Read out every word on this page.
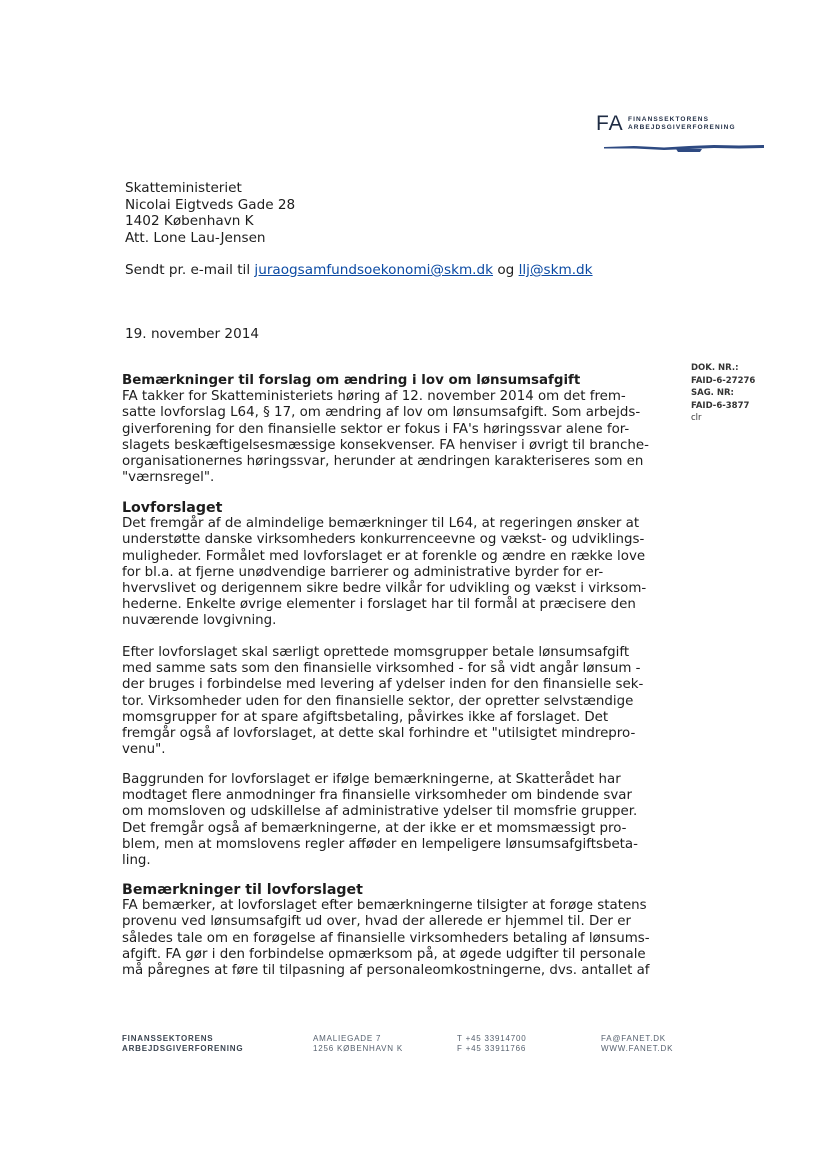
FA FINANSSEKTORENS
ARBEJDSGIVERFORENING
Skatteministeriet
Nicolai Eigtveds Gade 28
1402 København K
Att. Lone Lau-Jensen
Sendt pr. e-mail til juraogsamfundsoekonomi@skm.dk og llj@skm.dk
19. november 2014
DOK. NR.:
FAID-6-27276
SAG. NR:
FAID-6-3877
clr
Bemærkninger til forslag om ændring i lov om lønsumsafgift
FA takker for Skatteministeriets høring af 12. november 2014 om det frem-
satte lovforslag L64, § 17, om ændring af lov om lønsumsafgift. Som arbejds-
giverforening for den finansielle sektor er fokus i FA's høringssvar alene for-
slagets beskæftigelsesmæssige konsekvenser. FA henviser i øvrigt til branche-
organisationernes høringssvar, herunder at ændringen karakteriseres som en
"værnsregel".
Lovforslaget
Det fremgår af de almindelige bemærkninger til L64, at regeringen ønsker at
understøtte danske virksomheders konkurrenceevne og vækst- og udviklings-
muligheder. Formålet med lovforslaget er at forenkle og ændre en række love
for bl.a. at fjerne unødvendige barrierer og administrative byrder for er-
hvervslivet og derigennem sikre bedre vilkår for udvikling og vækst i virksom-
hederne. Enkelte øvrige elementer i forslaget har til formål at præcisere den
nuværende lovgivning.
Efter lovforslaget skal særligt oprettede momsgrupper betale lønsumsafgift
med samme sats som den finansielle virksomhed - for så vidt angår lønsum -
der bruges i forbindelse med levering af ydelser inden for den finansielle sek-
tor. Virksomheder uden for den finansielle sektor, der opretter selvstændige
momsgrupper for at spare afgiftsbetaling, påvirkes ikke af forslaget. Det
fremgår også af lovforslaget, at dette skal forhindre et "utilsigtet mindrepro-
venu".
Baggrunden for lovforslaget er ifølge bemærkningerne, at Skatterådet har
modtaget flere anmodninger fra finansielle virksomheder om bindende svar
om momsloven og udskillelse af administrative ydelser til momsfrie grupper.
Det fremgår også af bemærkningerne, at der ikke er et momsmæssigt pro-
blem, men at momslovens regler afføder en lempeligere lønsumsafgiftsbeta-
ling.
Bemærkninger til lovforslaget
FA bemærker, at lovforslaget efter bemærkningerne tilsigter at forøge statens
provenu ved lønsumsafgift ud over, hvad der allerede er hjemmel til. Der er
således tale om en forøgelse af finansielle virksomheders betaling af lønsums-
afgift. FA gør i den forbindelse opmærksom på, at øgede udgifter til personale
må påregnes at føre til tilpasning af personaleomkostningerne, dvs. antallet af
FINANSSEKTORENS
ARBEJDSGIVERFORENING
AMALIEGADE 7
1256 KØBENHAVN K
T +45 33914700
F +45 33911766
FA@FANET.DK
WWW.FANET.DK
